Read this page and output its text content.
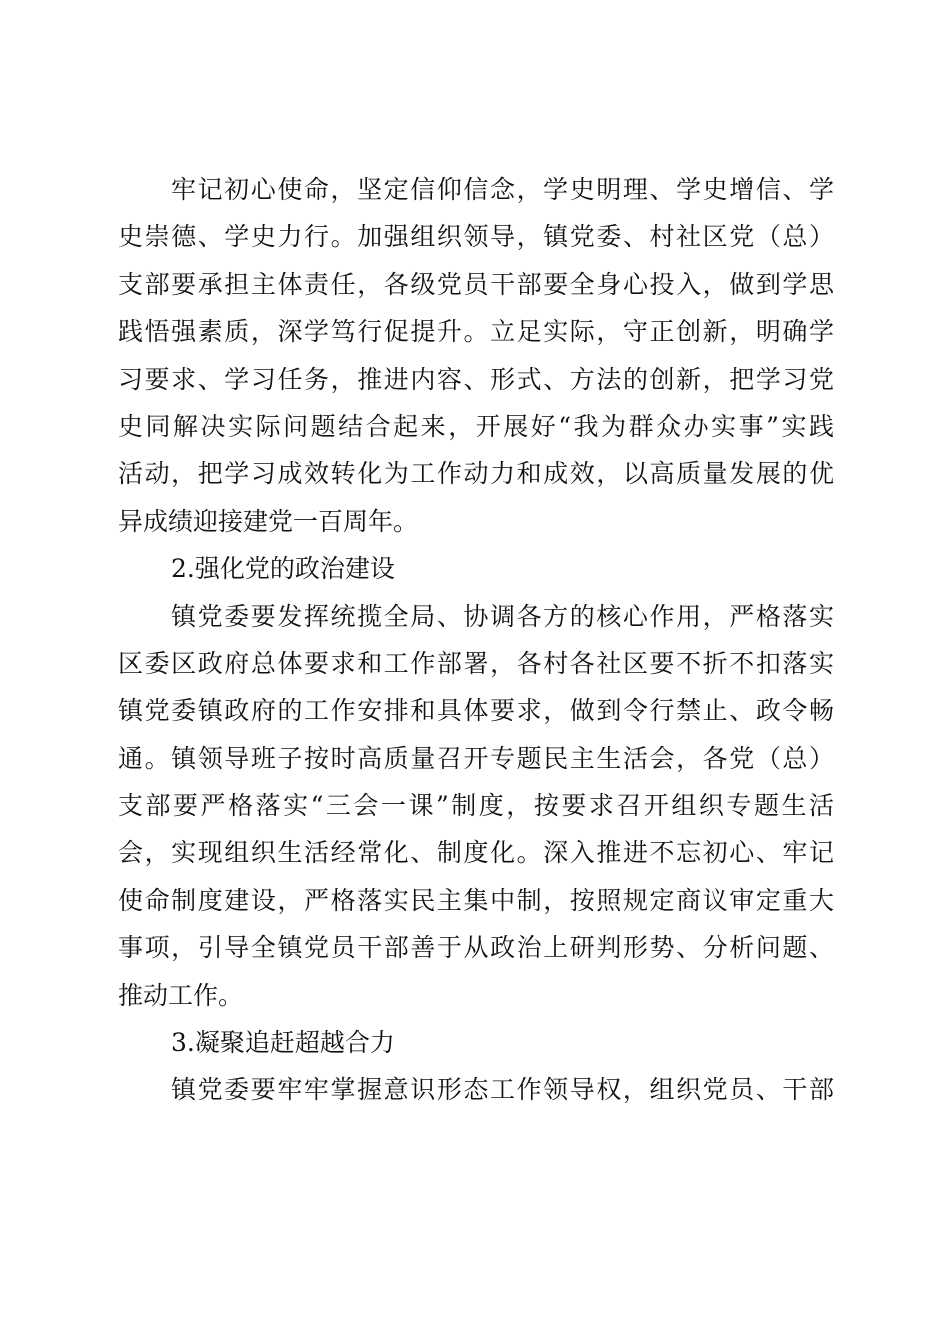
牢记初心使命，坚定信仰信念，学史明理、学史增信、学
史崇德、学史力行。加强组织领导，镇党委、村社区党（总）
支部要承担主体责任，各级党员干部要全身心投入，做到学思
践悟强素质，深学笃行促提升。立足实际，守正创新，明确学
习要求、学习任务，推进内容、形式、方法的创新，把学习党
史同解决实际问题结合起来，开展好“我为群众办实事”实践
活动，把学习成效转化为工作动力和成效，以高质量发展的优
异成绩迎接建党一百周年。
2.强化党的政治建设
镇党委要发挥统揽全局、协调各方的核心作用，严格落实
区委区政府总体要求和工作部署，各村各社区要不折不扣落实
镇党委镇政府的工作安排和具体要求，做到令行禁止、政令畅
通。镇领导班子按时高质量召开专题民主生活会，各党（总）
支部要严格落实“三会一课”制度，按要求召开组织专题生活
会，实现组织生活经常化、制度化。深入推进不忘初心、牢记
使命制度建设，严格落实民主集中制，按照规定商议审定重大
事项，引导全镇党员干部善于从政治上研判形势、分析问题、
推动工作。
3.凝聚追赶超越合力
镇党委要牢牢掌握意识形态工作领导权，组织党员、干部
